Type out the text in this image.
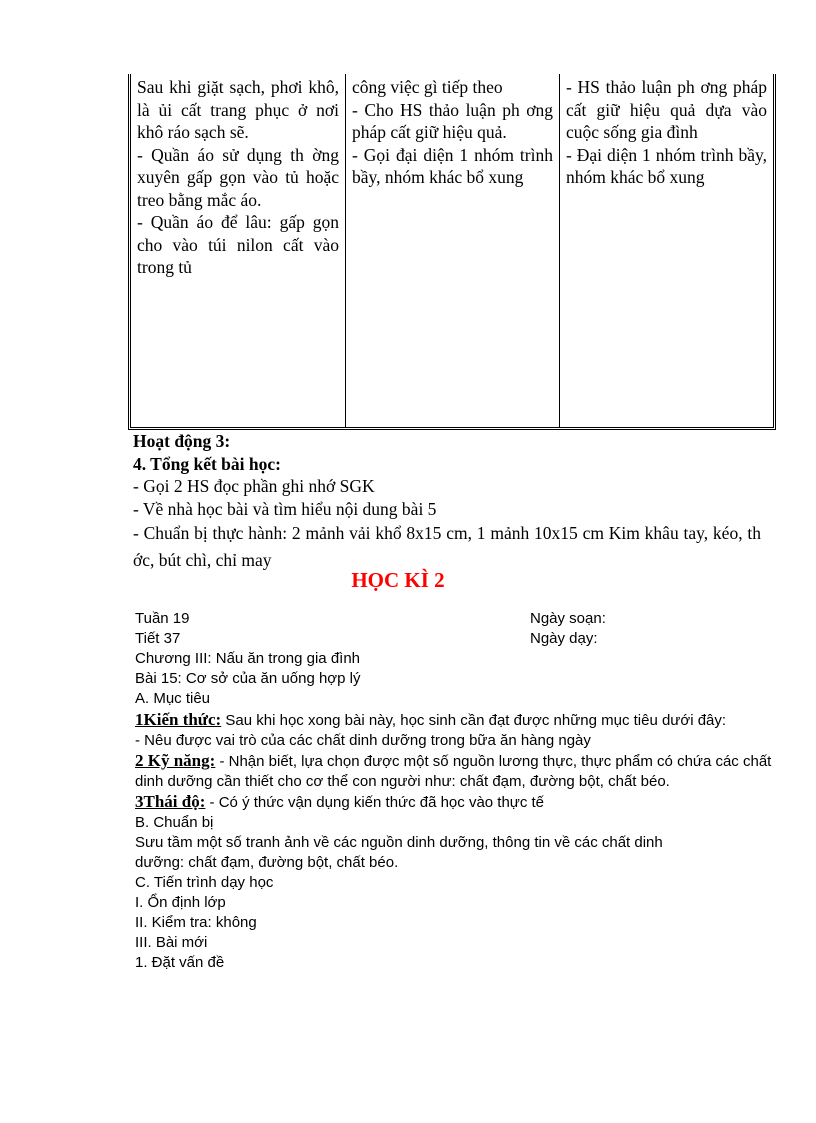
Sau khi giặt sạch, phơi khô, là ủi cất trang phục ở nơi khô ráo sạch sẽ.

- Quần áo sử dụng th ờng xuyên gấp gọn vào tủ hoặc treo bằng mắc áo.

- Quần áo để lâu: gấp gọn cho vào túi nilon cất vào trong tủ

công việc gì tiếp theo

- Cho HS thảo luận ph ơng pháp cất giữ hiệu quả.

- Gọi đại diện 1 nhóm trình bầy, nhóm khác bổ xung

- HS thảo luận ph ơng pháp cất giữ hiệu quả dựa vào cuộc sống gia đình

- Đại diện 1 nhóm trình bầy, nhóm khác bổ xung

Hoạt động 3:

4. Tổng kết bài học:

- Gọi 2 HS đọc phần ghi nhớ SGK

- Về nhà học bài và tìm hiểu nội dung bài 5

- Chuẩn bị thực hành: 2 mảnh vải khổ 8x15 cm, 1 mảnh 10x15 cm Kim khâu tay, kéo, th ớc, bút chì, chỉ may

HỌC KÌ 2

Tuần 19

Tiết 37

Chương III: Nấu ăn trong gia đình

Bài 15: Cơ sở của ăn uống hợp lý

A. Mục tiêu

Ngày soạn:

Ngày dạy:

1Kiến thức: Sau khi học xong bài này, học sinh cần đạt được những mục tiêu dưới đây:

- Nêu được vai trò của các chất dinh dưỡng trong bữa ăn hàng ngày

2 Kỹ năng: - Nhận biết, lựa chọn được một số nguồn lương thực, thực phẩm có chứa các chất dinh dưỡng cần thiết cho cơ thể con người như: chất đạm, đường bột, chất béo.

3Thái độ: - Có ý thức vận dụng kiến thức đã học vào thực tế

B. Chuẩn bị

Sưu tầm một số tranh ảnh về các nguồn dinh dưỡng, thông tin về các chất dinh dưỡng: chất đạm, đường bột, chất béo.

C. Tiến trình dạy học

I. Ổn định lớp

II. Kiểm tra: không

III. Bài mới

1. Đặt vấn đề
